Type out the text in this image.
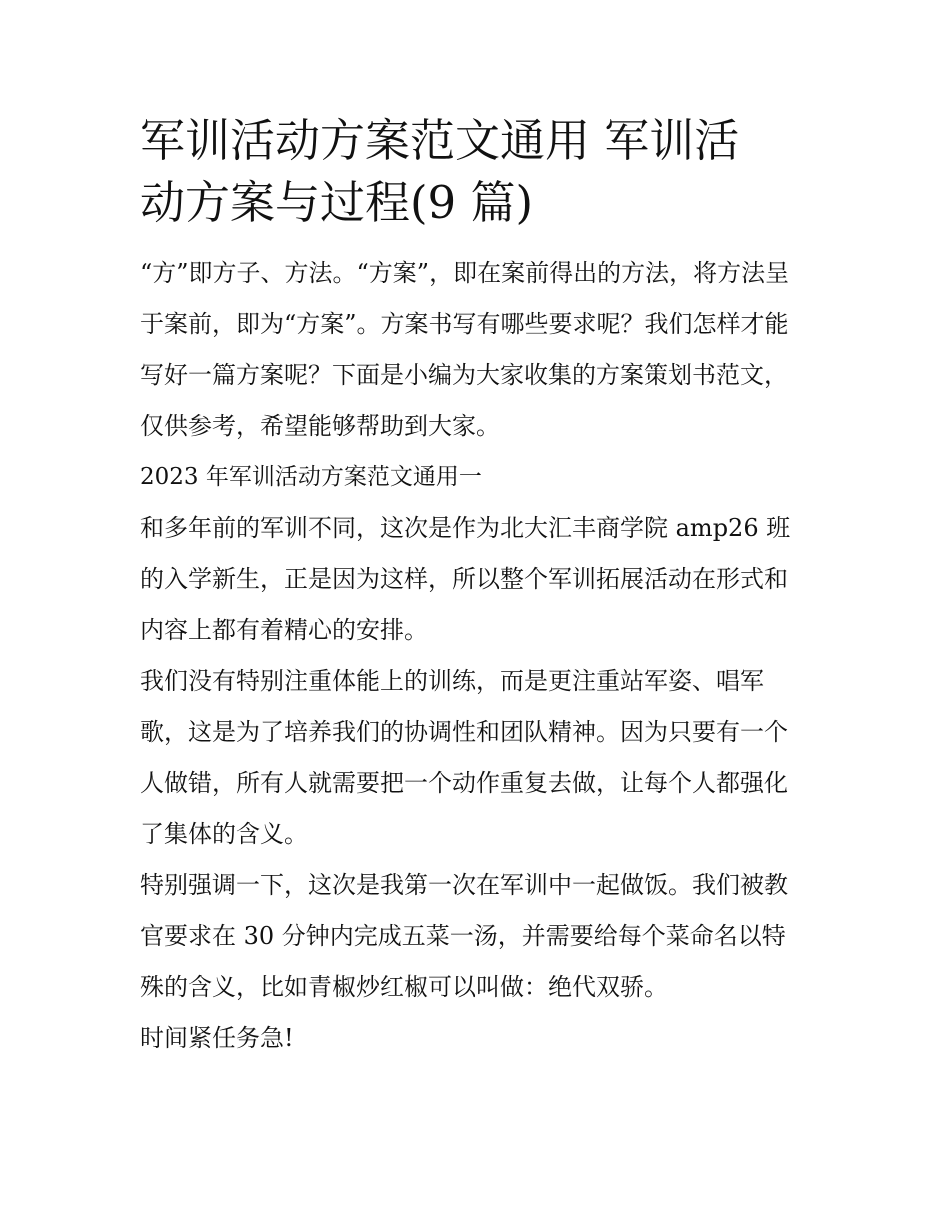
军训活动方案范文通用 军训活
动方案与过程(9 篇)

“方”即方子、方法。“方案”，即在案前得出的方法，将方法呈
于案前，即为“方案”。方案书写有哪些要求呢？我们怎样才能
写好一篇方案呢？下面是小编为大家收集的方案策划书范文，
仅供参考，希望能够帮助到大家。

2023 年军训活动方案范文通用一

和多年前的军训不同，这次是作为北大汇丰商学院 amp26 班
的入学新生，正是因为这样，所以整个军训拓展活动在形式和
内容上都有着精心的安排。

我们没有特别注重体能上的训练，而是更注重站军姿、唱军
歌，这是为了培养我们的协调性和团队精神。因为只要有一个
人做错，所有人就需要把一个动作重复去做，让每个人都强化
了集体的含义。

特别强调一下，这次是我第一次在军训中一起做饭。我们被教
官要求在 30 分钟内完成五菜一汤，并需要给每个菜命名以特
殊的含义，比如青椒炒红椒可以叫做：绝代双骄。

时间紧任务急!
